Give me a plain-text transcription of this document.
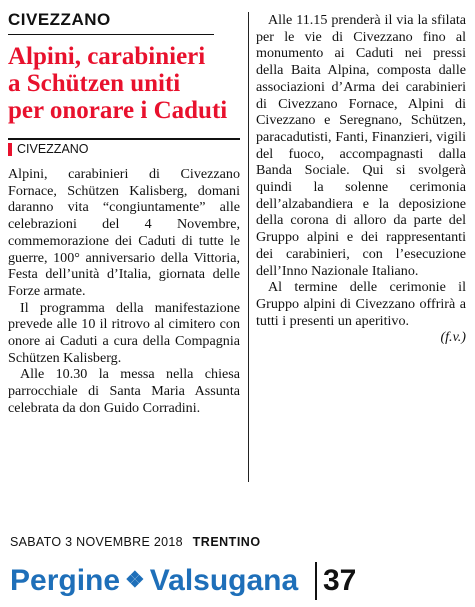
CIVEZZANO
Alpini, carabinieri
a Schützen uniti
per onorare i Caduti
CIVEZZANO

Alpini, carabinieri di Civezzano Fornace, Schützen Kalisberg, domani daranno vita “congiuntamente” alle celebrazioni del 4 Novembre, commemorazione dei Caduti di tutte le guerre, 100° anniversario della Vittoria, Festa dell’unità d’Italia, giornata delle Forze armate.

Il programma della manifestazione prevede alle 10 il ritrovo al cimitero con onore ai Caduti a cura della Compagnia Schützen Kalisberg.

Alle 10.30 la messa nella chiesa parrocchiale di Santa Maria Assunta celebrata da don Guido Corradini.

Alle 11.15 prenderà il via la sfilata per le vie di Civezzano fino al monumento ai Caduti nei pressi della Baita Alpina, composta dalle associazioni d’Arma dei carabinieri di Civezzano Fornace, Alpini di Civezzano e Seregnano, Schützen, paracadutisti, Fanti, Finanzieri, vigili del fuoco, accompagnasti dalla Banda Sociale. Qui si svolgerà quindi la solenne cerimonia dell’alzabandiera e la deposizione della corona di alloro da parte del Gruppo alpini e dei rappresentanti dei carabinieri, con l’esecuzione dell’Inno Nazionale Italiano.

Al termine delle cerimonie il Gruppo alpini di Civezzano offrirà a tutti i presenti un aperitivo.

(f.v.)
SABATO 3 NOVEMBRE 2018 TRENTINO
Pergine ❖ Valsugana 37
